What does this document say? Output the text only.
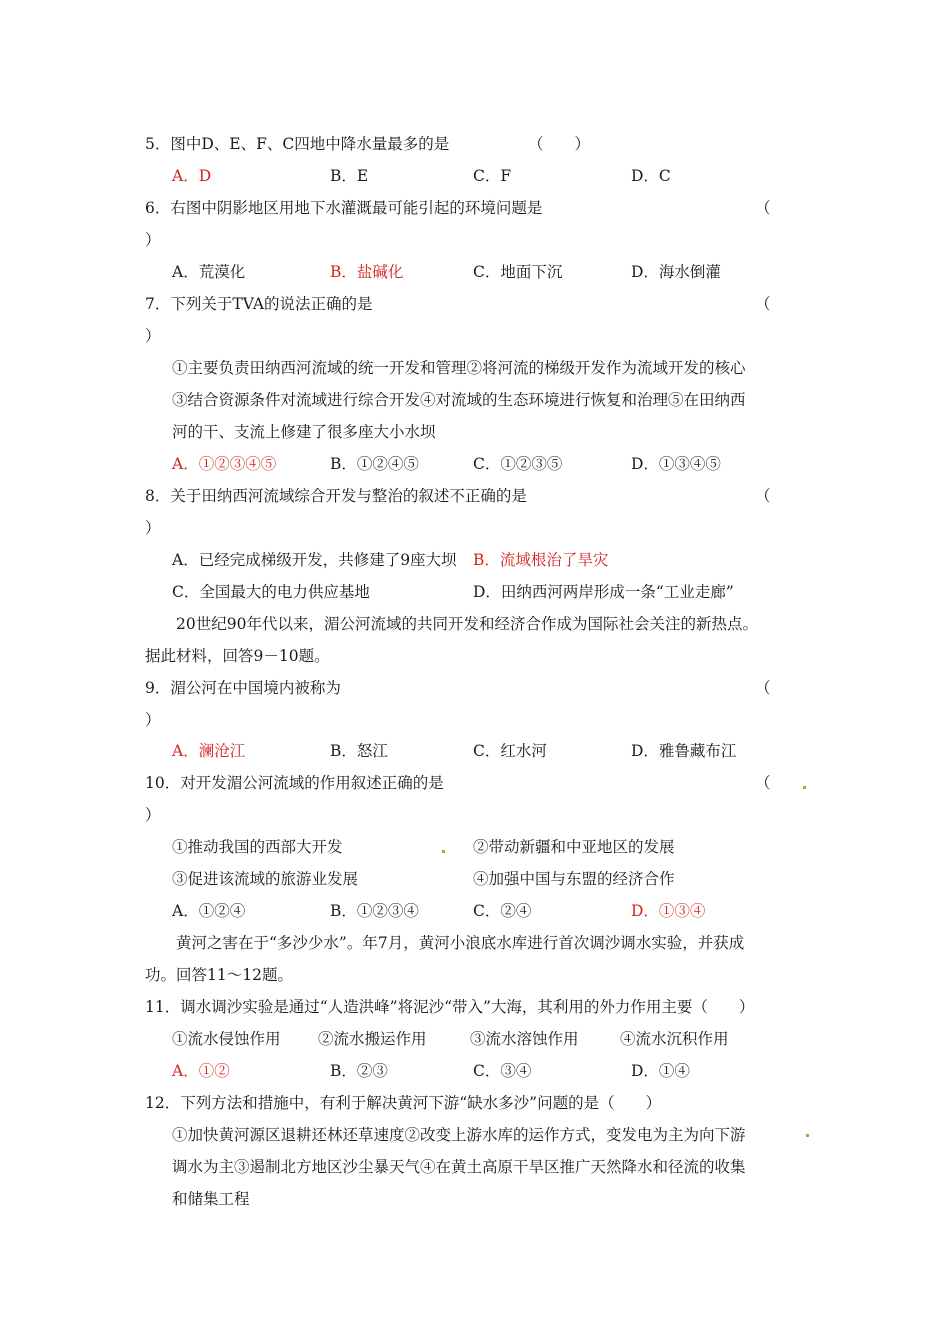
5．图中D、E、F、C四地中降水量最多的是	（　　）
A．D	B．E	C．F	D．C
6．右图中阴影地区用地下水灌溉最可能引起的环境问题是	（
）
A．荒漠化	B．盐碱化	C．地面下沉	D．海水倒灌
7．下列关于TVA的说法正确的是	（
）
①主要负责田纳西河流域的统一开发和管理②将河流的梯级开发作为流域开发的核心
③结合资源条件对流域进行综合开发④对流域的生态环境进行恢复和治理⑤在田纳西
河的干、支流上修建了很多座大小水坝
A．①②③④⑤	B．①②④⑤	C．①②③⑤	D．①③④⑤
8．关于田纳西河流域综合开发与整治的叙述不正确的是	（
）
A．已经完成梯级开发，共修建了9座大坝 B．流域根治了旱灾
C．全国最大的电力供应基地	D．田纳西河两岸形成一条“工业走廊”
20世纪90年代以来，湄公河流域的共同开发和经济合作成为国际社会关注的新热点。
据此材料，回答9－10题。
9．湄公河在中国境内被称为	（
）
A．澜沧江	B．怒江	C．红水河	D．雅鲁藏布江
10．对开发湄公河流域的作用叙述正确的是	（
）
①推动我国的西部大开发	②带动新疆和中亚地区的发展
③促进该流域的旅游业发展	④加强中国与东盟的经济合作
A．①②④	B．①②③④	C．②④	D．①③④
黄河之害在于“多沙少水”。年7月，黄河小浪底水库进行首次调沙调水实验，并获成
功。回答11～12题。
11．调水调沙实验是通过“人造洪峰”将泥沙“带入”大海，其利用的外力作用主要（　　）
①流水侵蚀作用 ②流水搬运作用	③流水溶蚀作用	④流水沉积作用
A．①②	B．②③	C．③④	D．①④
12．下列方法和措施中，有利于解决黄河下游“缺水多沙”问题的是（　　）
①加快黄河源区退耕还林还草速度②改变上游水库的运作方式，变发电为主为向下游
调水为主③遏制北方地区沙尘暴天气④在黄土高原干旱区推广天然降水和径流的收集
和储集工程
